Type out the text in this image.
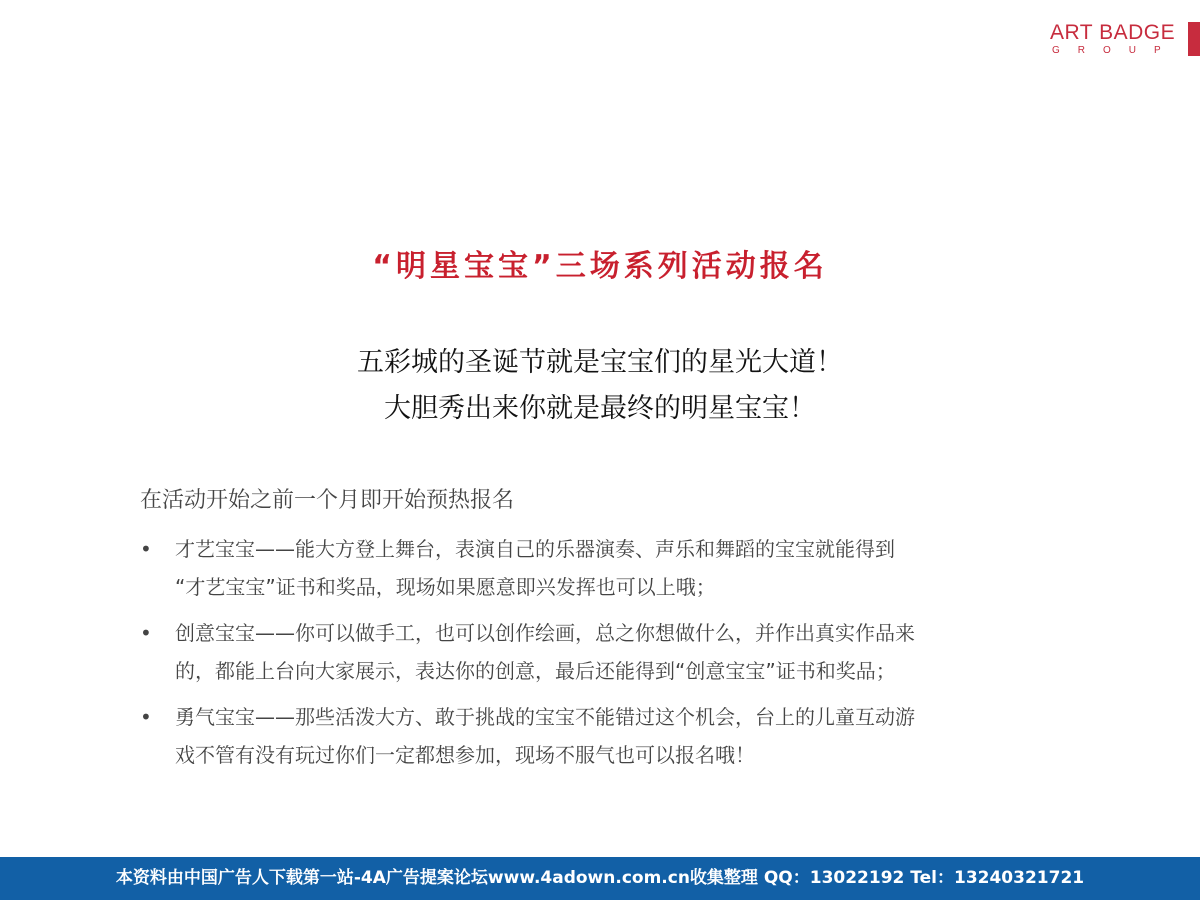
ART BADGE
GROUP
“明星宝宝”三场系列活动报名
五彩城的圣诞节就是宝宝们的星光大道！
大胆秀出来你就是最终的明星宝宝！
在活动开始之前一个月即开始预热报名
• 才艺宝宝——能大方登上舞台，表演自己的乐器演奏、声乐和舞蹈的宝宝就能得到
“才艺宝宝”证书和奖品，现场如果愿意即兴发挥也可以上哦；
• 创意宝宝——你可以做手工，也可以创作绘画，总之你想做什么，并作出真实作品来
的，都能上台向大家展示，表达你的创意，最后还能得到“创意宝宝”证书和奖品；
• 勇气宝宝——那些活泼大方、敢于挑战的宝宝不能错过这个机会，台上的儿童互动游
戏不管有没有玩过你们一定都想参加，现场不服气也可以报名哦！
本资料由中国广告人下载第一站-4A广告提案论坛www.4adown.com.cn收集整理 QQ：13022192 Tel：13240321721
